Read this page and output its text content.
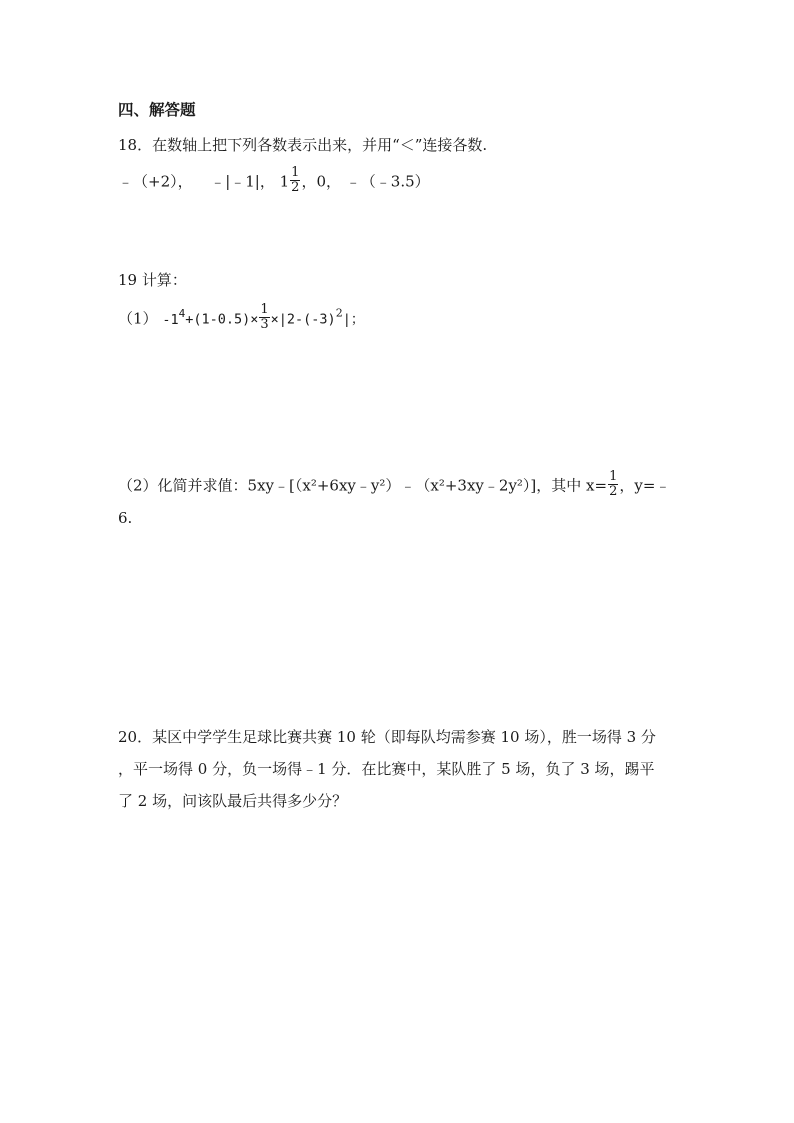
四、解答题
18．在数轴上把下列各数表示出来，并用“＜”连接各数.
﹣（+2）， ﹣|﹣1|， $1 \frac{1}{2}$ ，0， ﹣（﹣3.5）
19 计算：
（1） $-1^4+(1-0.5)\times \frac{1}{3} \times|2-(-3)^2|$；
（2）化简并求值：5xy﹣[（x²+6xy﹣y²）﹣（x²+3xy﹣2y²）]，其中 $x= \frac{1}{2}$ ，y=﹣
6.
20．某区中学学生足球比赛共赛 10 轮（即每队均需参赛 10 场），胜一场得 3 分
，平一场得 0 分，负一场得﹣1 分．在比赛中，某队胜了 5 场，负了 3 场，踢平
了 2 场，问该队最后共得多少分？
